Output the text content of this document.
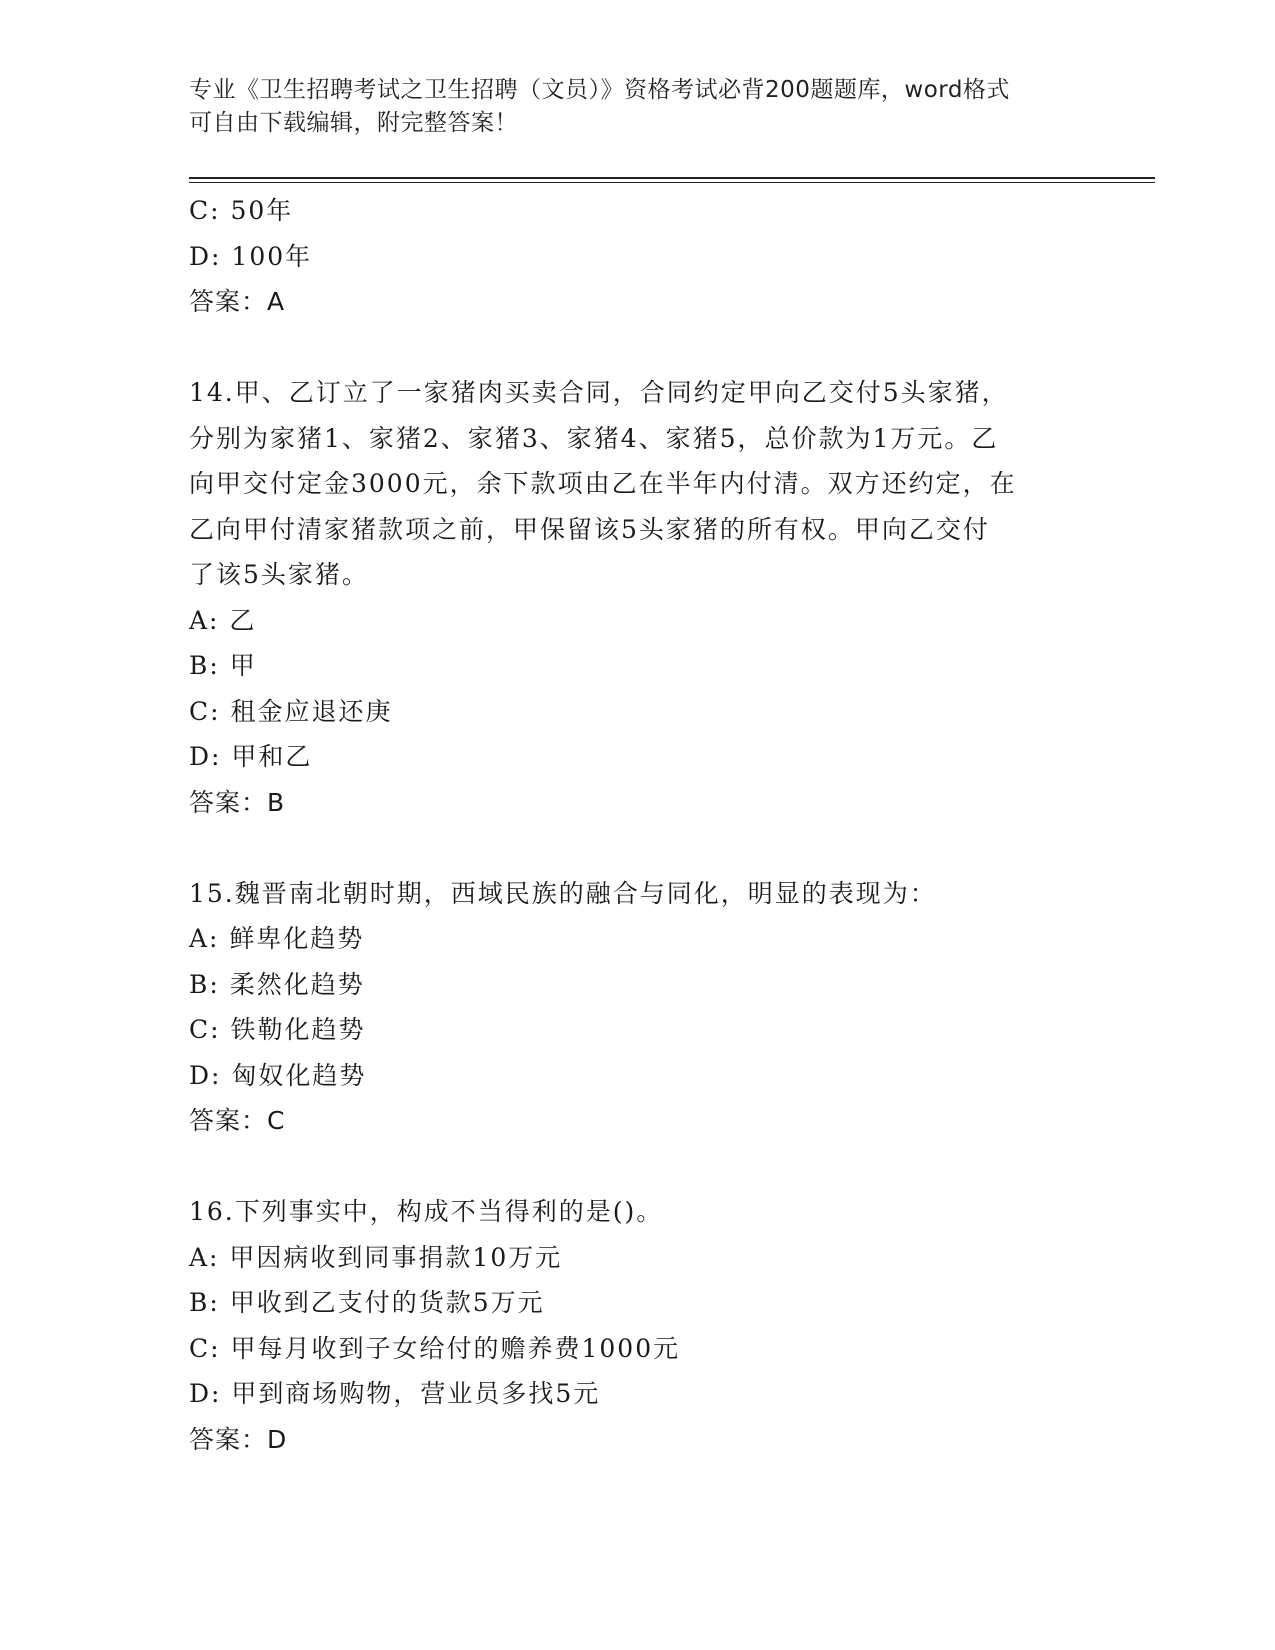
专业《卫生招聘考试之卫生招聘（文员）》资格考试必背200题题库，word格式
可自由下载编辑，附完整答案！
C: 50年
D: 100年
答案：A
14.甲、乙订立了一家猪肉买卖合同，合同约定甲向乙交付5头家猪，
分别为家猪1、家猪2、家猪3、家猪4、家猪5，总价款为1万元。乙
向甲交付定金3000元，余下款项由乙在半年内付清。双方还约定，在
乙向甲付清家猪款项之前，甲保留该5头家猪的所有权。甲向乙交付
了该5头家猪。
A: 乙
B: 甲
C: 租金应退还庚
D: 甲和乙
答案：B
15.魏晋南北朝时期，西域民族的融合与同化，明显的表现为：
A: 鲜卑化趋势
B: 柔然化趋势
C: 铁勒化趋势
D: 匈奴化趋势
答案：C
16.下列事实中，构成不当得利的是()。
A: 甲因病收到同事捐款10万元
B: 甲收到乙支付的货款5万元
C: 甲每月收到子女给付的赡养费1000元
D: 甲到商场购物，营业员多找5元
答案：D
